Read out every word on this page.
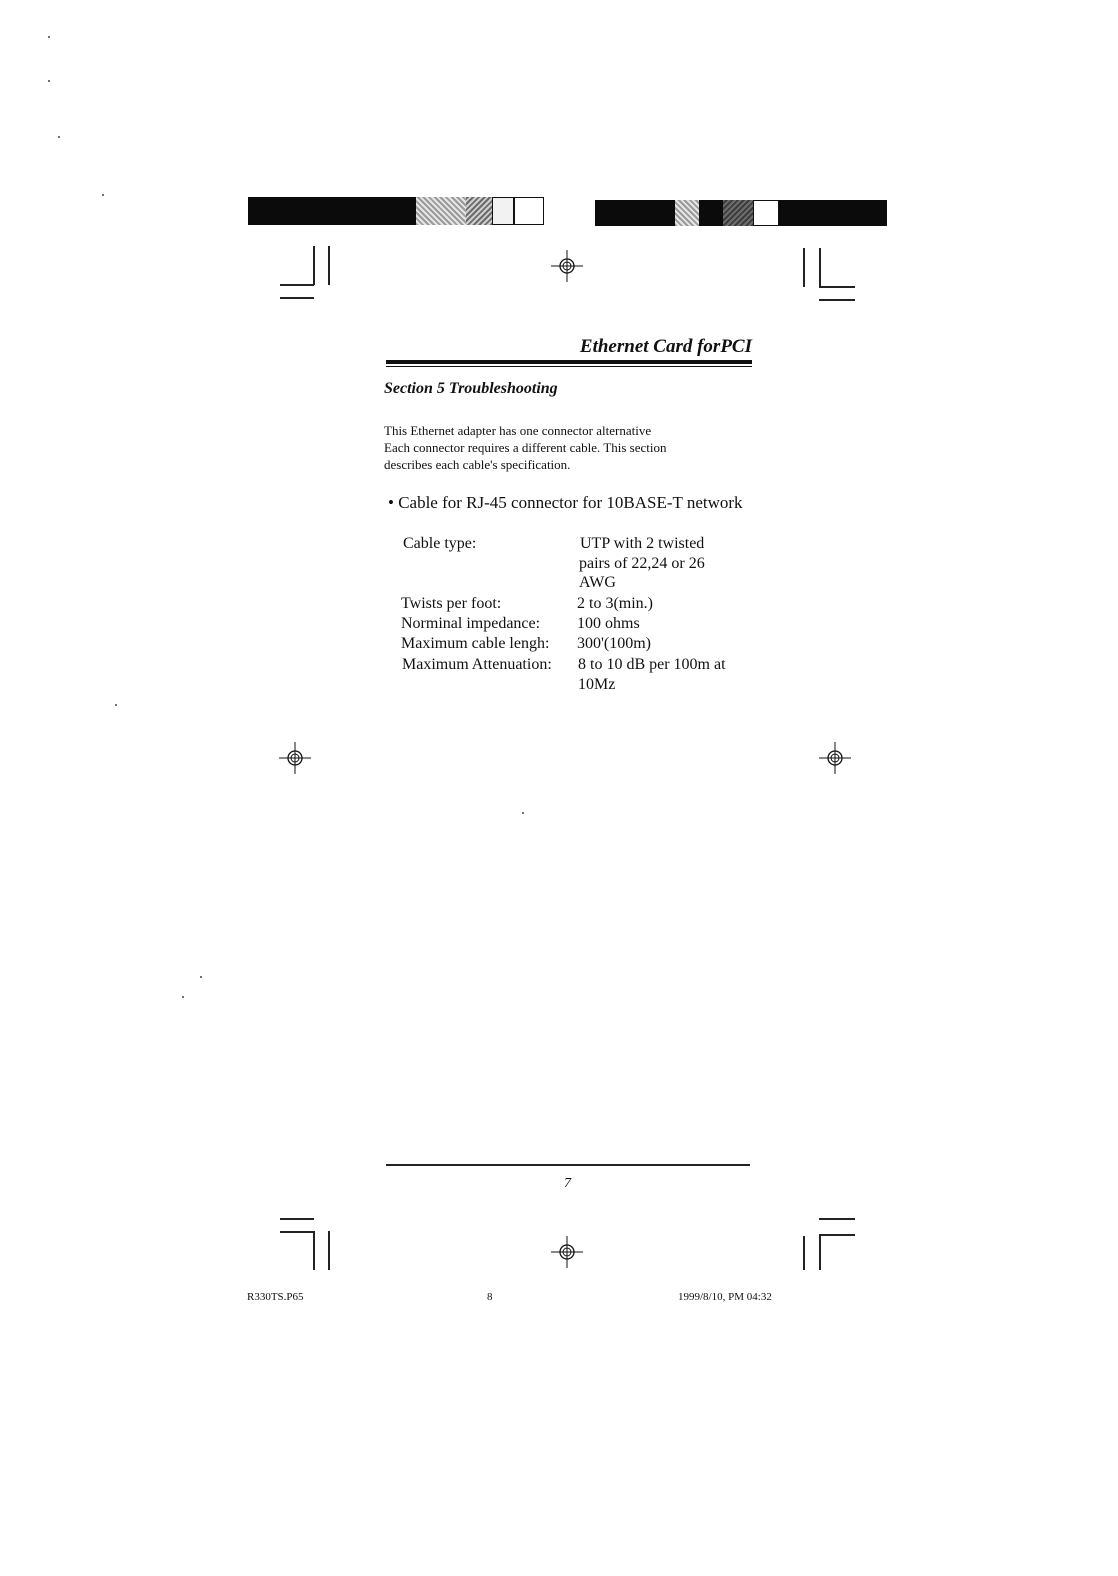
Ethernet Card forPCI
Section 5 Troubleshooting
This Ethernet adapter has one connector alternative
Each connector requires a different cable. This section
describes each cable's specification.
• Cable for RJ-45 connector for 10BASE-T network
Cable type:	UTP with 2 twisted
pairs of 22,24 or 26
AWG
Twists per foot:	2 to 3(min.)
Norminal impedance: 100 ohms
Maximum cable lengh: 300'(100m)
Maximum Attenuation: 8 to 10 dB per 100m at
10Mz
7
R330TS.P65	8	1999/8/10, PM 04:32
